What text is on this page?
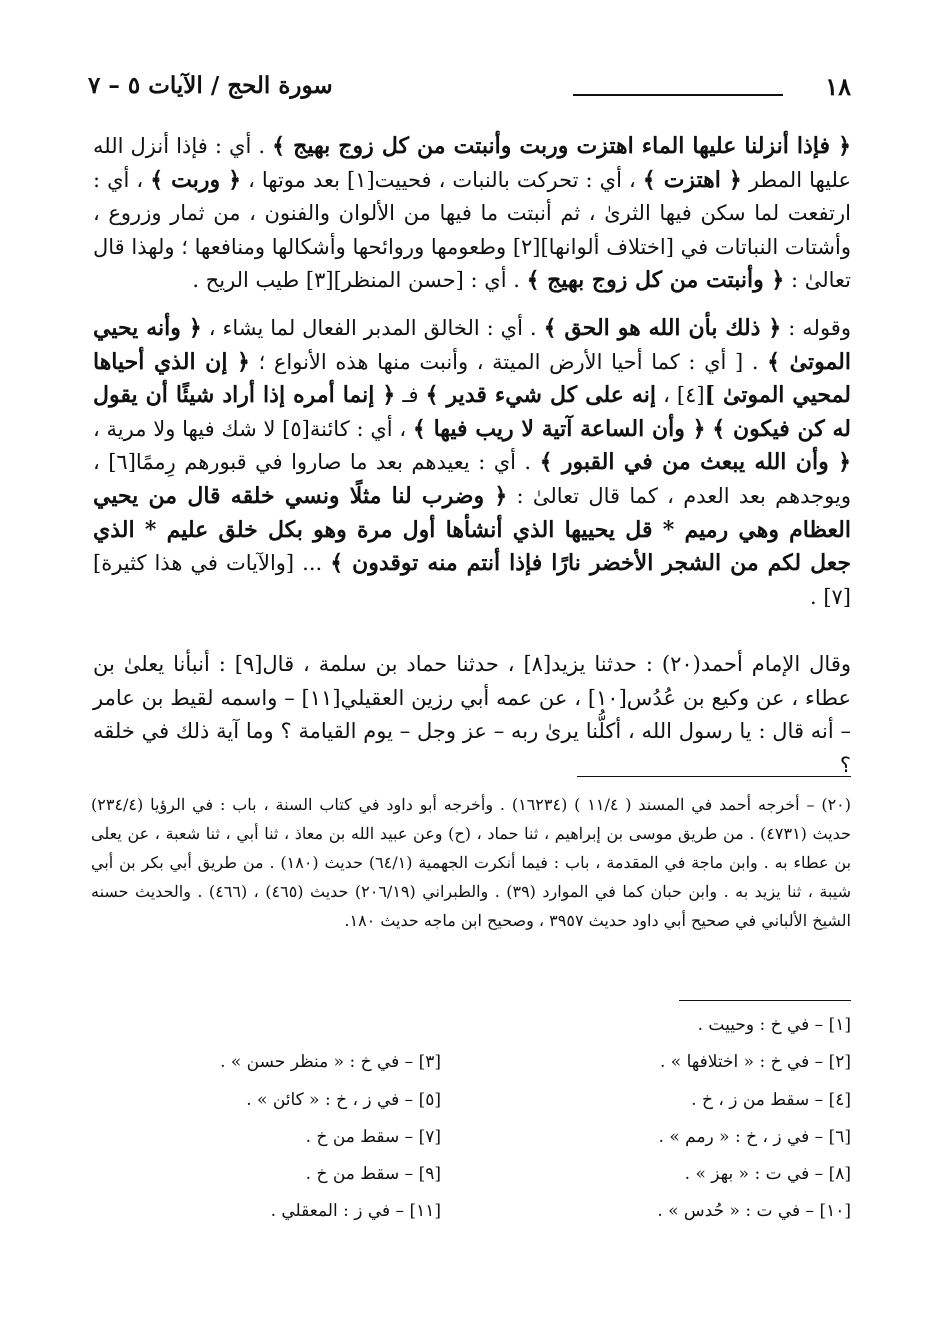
١٨
سورة الحج / الآيات ٥ – ٧

﴿ فإذا أنزلنا عليها الماء اهتزت وربت وأنبتت من كل زوج بهيج ﴾ . أي : فإذا أنزل الله عليها المطر ﴿ اهتزت ﴾ ، أي : تحركت بالنبات ، فحييت[١] بعد موتها ، ﴿ وربت ﴾ ، أي : ارتفعت لما سكن فيها الثرىٰ ، ثم أنبتت ما فيها من الألوان والفنون ، من ثمار وزروع ، وأشتات النباتات في [اختلاف ألوانها][٢] وطعومها وروائحها وأشكالها ومنافعها ؛ ولهذا قال تعالىٰ : ﴿ وأنبتت من كل زوج بهيج ﴾ . أي : [حسن المنظر][٣] طيب الريح .

وقوله : ﴿ ذلك بأن الله هو الحق ﴾ . أي : الخالق المدبر الفعال لما يشاء ، ﴿ وأنه يحيي الموتىٰ ﴾ . [ أي : كما أحيا الأرض الميتة ، وأنبت منها هذه الأنواع ؛ ﴿ إن الذي أحياها لمحيي الموتىٰ ][٤] ، إنه على كل شيء قدير ﴾ فـ ﴿ إنما أمره إذا أراد شيئًا أن يقول له كن فيكون ﴾ ﴿ وأن الساعة آتية لا ريب فيها ﴾ ، أي : كائنة[٥] لا شك فيها ولا مرية ، ﴿ وأن الله يبعث من في القبور ﴾ . أي : يعيدهم بعد ما صاروا في قبورهم رِممًا[٦] ، ويوجدهم بعد العدم ، كما قال تعالىٰ : ﴿ وضرب لنا مثلًا ونسي خلقه قال من يحيي العظام وهي رميم * قل يحييها الذي أنشأها أول مرة وهو بكل خلق عليم * الذي جعل لكم من الشجر الأخضر نارًا فإذا أنتم منه توقدون ﴾ ... [والآيات في هذا كثيرة][٧] .

وقال الإمام أحمد(٢٠) : حدثنا يزيد[٨] ، حدثنا حماد بن سلمة ، قال[٩] : أنبأنا يعلىٰ بن عطاء ، عن وكيع بن عُدُس[١٠] ، عن عمه أبي رزين العقيلي[١١] – واسمه لقيط بن عامر – أنه قال : يا رسول الله ، أكلُّنا يرىٰ ربه – عز وجل – يوم القيامة ؟ وما آية ذلك في خلقه ؟
(٢٠) – أخرجه أحمد في المسند ( ١١/٤ ) (١٦٢٣٤) . وأخرجه أبو داود في كتاب السنة ، باب : في الرؤيا (٢٣٤/٤) حديث (٤٧٣١) . من طريق موسى بن إبراهيم ، ثنا حماد ، (ح) وعن عبيد الله بن معاذ ، ثنا أبي ، ثنا شعبة ، عن يعلى بن عطاء به . وابن ماجة في المقدمة ، باب : فيما أنكرت الجهمية (٦٤/١) حديث (١٨٠) . من طريق أبي بكر بن أبي شيبة ، ثنا يزيد به . وابن حبان كما في الموارد (٣٩) . والطبراني (٢٠٦/١٩) حديث (٤٦٥) ، (٤٦٦) . والحديث حسنه الشيخ الألباني في صحيح أبي داود حديث ٣٩٥٧ ، وصحيح ابن ماجه حديث ١٨٠.
[١] – في خ : وحييت .
[٢] – في خ : « اختلافها » .
[٣] – في خ : « منظر حسن » .
[٤] – سقط من ز ، خ .
[٥] – في ز ، خ : « كائن » .
[٦] – في ز ، خ : « رمم » .
[٧] – سقط من خ .
[٨] – في ت : « بهز » .
[٩] – سقط من خ .
[١٠] – في ت : « حُدس » .
[١١] – في ز : المعقلي .
